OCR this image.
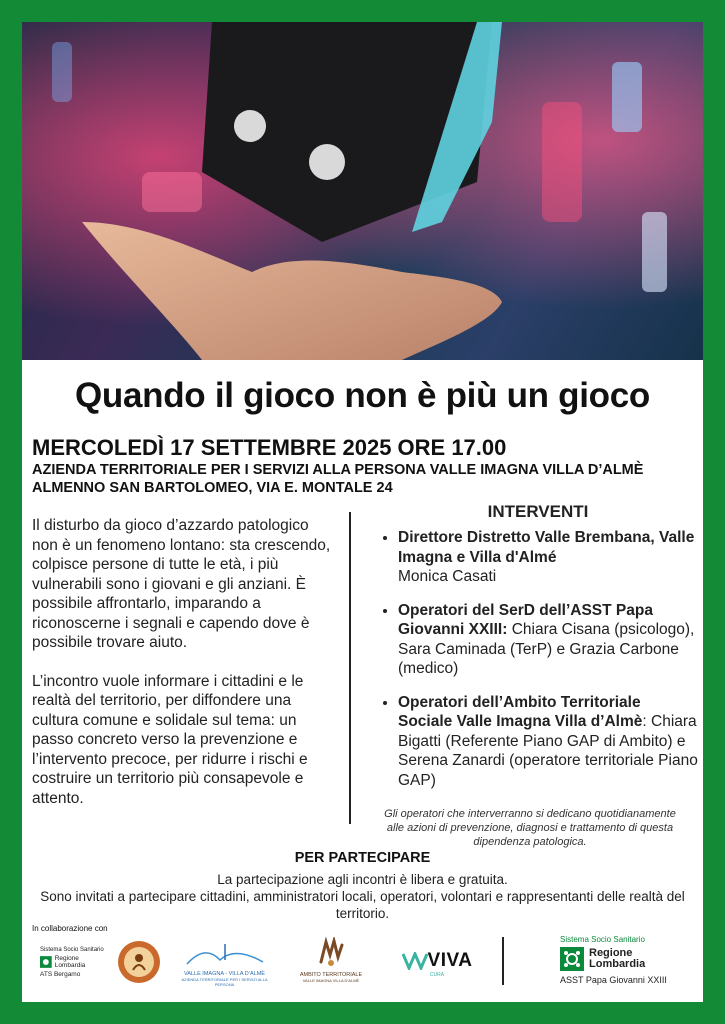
Quando il gioco non è più un gioco

MERCOLEDÌ 17 SETTEMBRE 2025 ORE 17.00

AZIENDA TERRITORIALE PER I SERVIZI ALLA PERSONA VALLE IMAGNA VILLA D’ALMÈ

ALMENNO SAN BARTOLOMEO, VIA E. MONTALE 24

Il disturbo da gioco d’azzardo patologico non è un fenomeno lontano: sta crescendo, colpisce persone di tutte le età, i più vulnerabili sono i giovani e gli anziani. È possibile affrontarlo, imparando a riconoscerne i segnali e capendo dove è possibile trovare aiuto.

L’incontro vuole informare i cittadini e le realtà del territorio, per diffondere una cultura comune e solidale sul tema: un passo concreto verso la prevenzione e l’intervento precoce, per ridurre i rischi e costruire un territorio più consapevole e attento.

INTERVENTI
• Direttore Distretto Valle Brembana, Valle Imagna e Villa d'Almé
Monica Casati
• Operatori del SerD dell’ASST Papa Giovanni XXIII: Chiara Cisana (psicologo), Sara Caminada (TerP) e Grazia Carbone (medico)
• Operatori dell’Ambito Territoriale Sociale Valle Imagna Villa d’Almè: Chiara Bigatti (Referente Piano GAP di Ambito) e Serena Zanardi (operatore territoriale Piano GAP)
Gli operatori che interverranno si dedicano quotidianamente alle azioni di prevenzione, diagnosi e trattamento di questa dipendenza patologica.
PER PARTECIPARE
La partecipazione agli incontri è libera e gratuita.
Sono invitati a partecipare cittadini, amministratori locali, operatori, volontari e rappresentanti delle realtà del territorio.
In collaborazione con
Sistema Socio Sanitario
Regione Lombardia
ATS Bergamo	VALLE IMAGNA - VILLA D’ALMÈ
AZIENDA TERRITORIALE PER I SERVIZI ALLA PERSONA
AMBITO TERRITORIALE
VALLE IMAGNA VILLA D’ALMÈ
VIVA
CURA
Sistema Socio Sanitario
Regione
Lombardia
ASST Papa Giovanni XXIII
